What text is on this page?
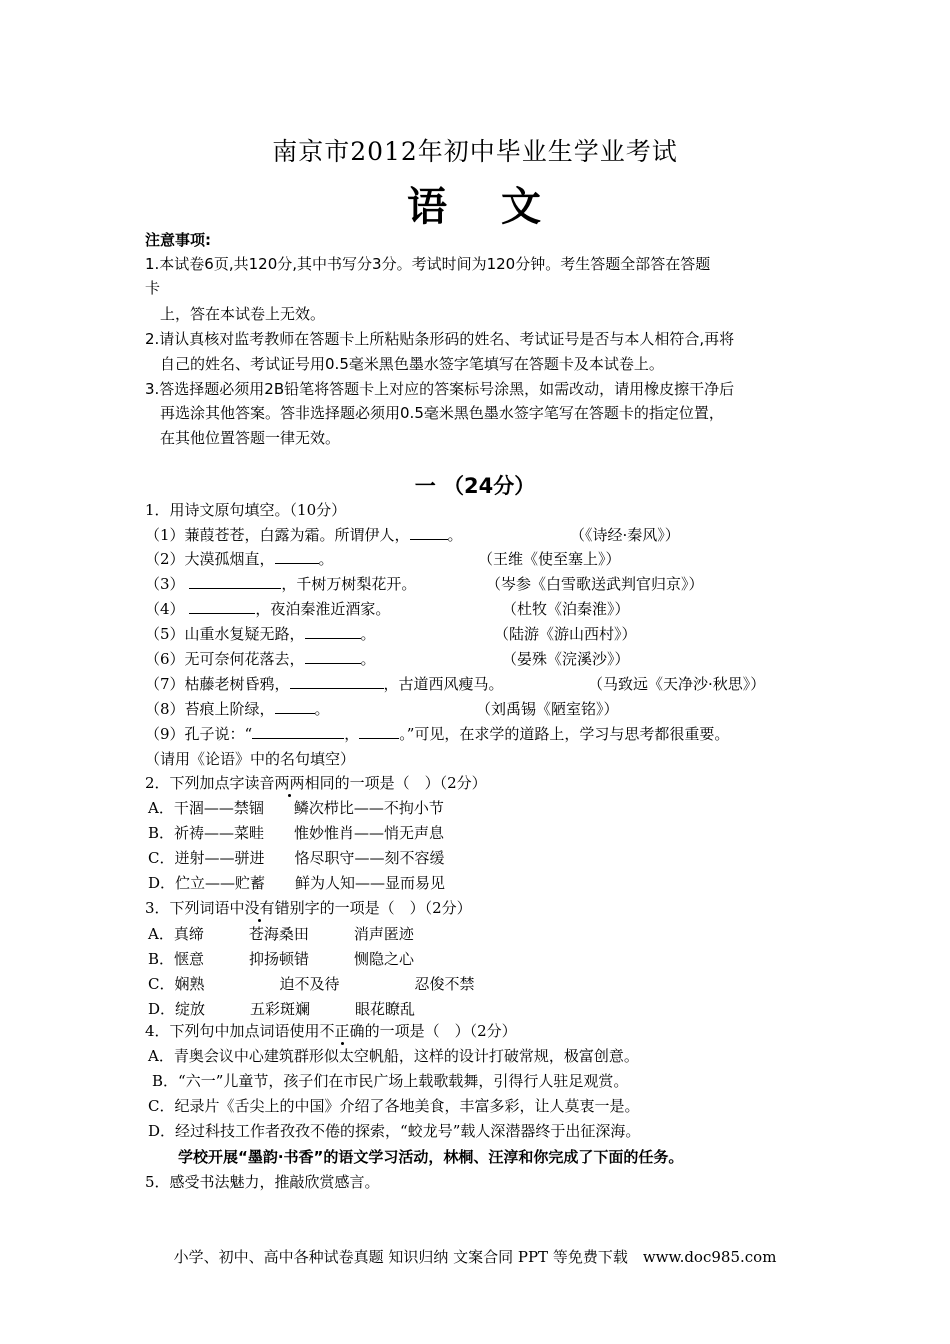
南京市2012年初中毕业生学业考试
语 文
注意事项:
1.本试卷6页,共120分,其中书写分3分。考试时间为120分钟。考生答题全部答在答题
卡
上，答在本试卷上无效。
2.请认真核对监考教师在答题卡上所粘贴条形码的姓名、考试证号是否与本人相符合,再将
自己的姓名、考试证号用0.5毫米黑色墨水签字笔填写在答题卡及本试卷上。
3.答选择题必须用2B铅笔将答题卡上对应的答案标号涂黑，如需改动，请用橡皮擦干净后
再选涂其他答案。答非选择题必须用0.5毫米黑色墨水签字笔写在答题卡的指定位置，
在其他位置答题一律无效。
一 （24分）
1．用诗文原句填空。（10分）
（1）蒹葭苍苍，白露为霜。所谓伊人，	。	（《诗经·秦风》）
（2）大漠孤烟直，	。	（王维《使至塞上》）
（3）	，千树万树梨花开。	（岑参《白雪歌送武判官归京》）
（4）	，夜泊秦淮近酒家。	（杜牧《泊秦淮》）
（5）山重水复疑无路，	。	（陆游《游山西村》）
（6）无可奈何花落去，	。	（晏殊《浣溪沙》）
（7）枯藤老树昏鸦，	，古道西风瘦马。	（马致远《天净沙·秋思》）
（8）苔痕上阶绿，	。	（刘禹锡《陋室铭》）
（9）孔子说：“	，	。”可见，在求学的道路上，学习与思考都很重要。
（请用《论语》中的名句填空）
2．下列加点字读音两两相同的一项是（　）（2分）
A．干涸——禁锢　　鳞次栉比——不拘小节
B．祈祷——菜畦　　惟妙惟肖——悄无声息
C．迸射——骈进　　恪尽职守——刻不容缓
D．伫立——贮蓄　　鲜为人知——显而易见
3．下列词语中没有错别字的一项是（　）（2分）
A．真缔　　　苍海桑田　　　消声匿迹
B．惬意　　　抑扬顿错　　　恻隐之心
C．娴熟　　　　　迫不及待　　　　　忍俊不禁
D．绽放　　　五彩斑斓　　　眼花瞭乱
4．下列句中加点词语使用不正确的一项是（　）（2分）
A．青奥会议中心建筑群形似太空帆船，这样的设计打破常规，极富创意。
B．“六一”儿童节，孩子们在市民广场上载歌载舞，引得行人驻足观赏。
C．纪录片《舌尖上的中国》介绍了各地美食，丰富多彩，让人莫衷一是。
D．经过科技工作者孜孜不倦的探索，“蛟龙号”载人深潜器终于出征深海。
学校开展“墨韵·书香”的语文学习活动，林桐、汪淳和你完成了下面的任务。
5．感受书法魅力，推敲欣赏感言。
小学、初中、高中各种试卷真题 知识归纳 文案合同 PPT 等免费下载　www.doc985.com
